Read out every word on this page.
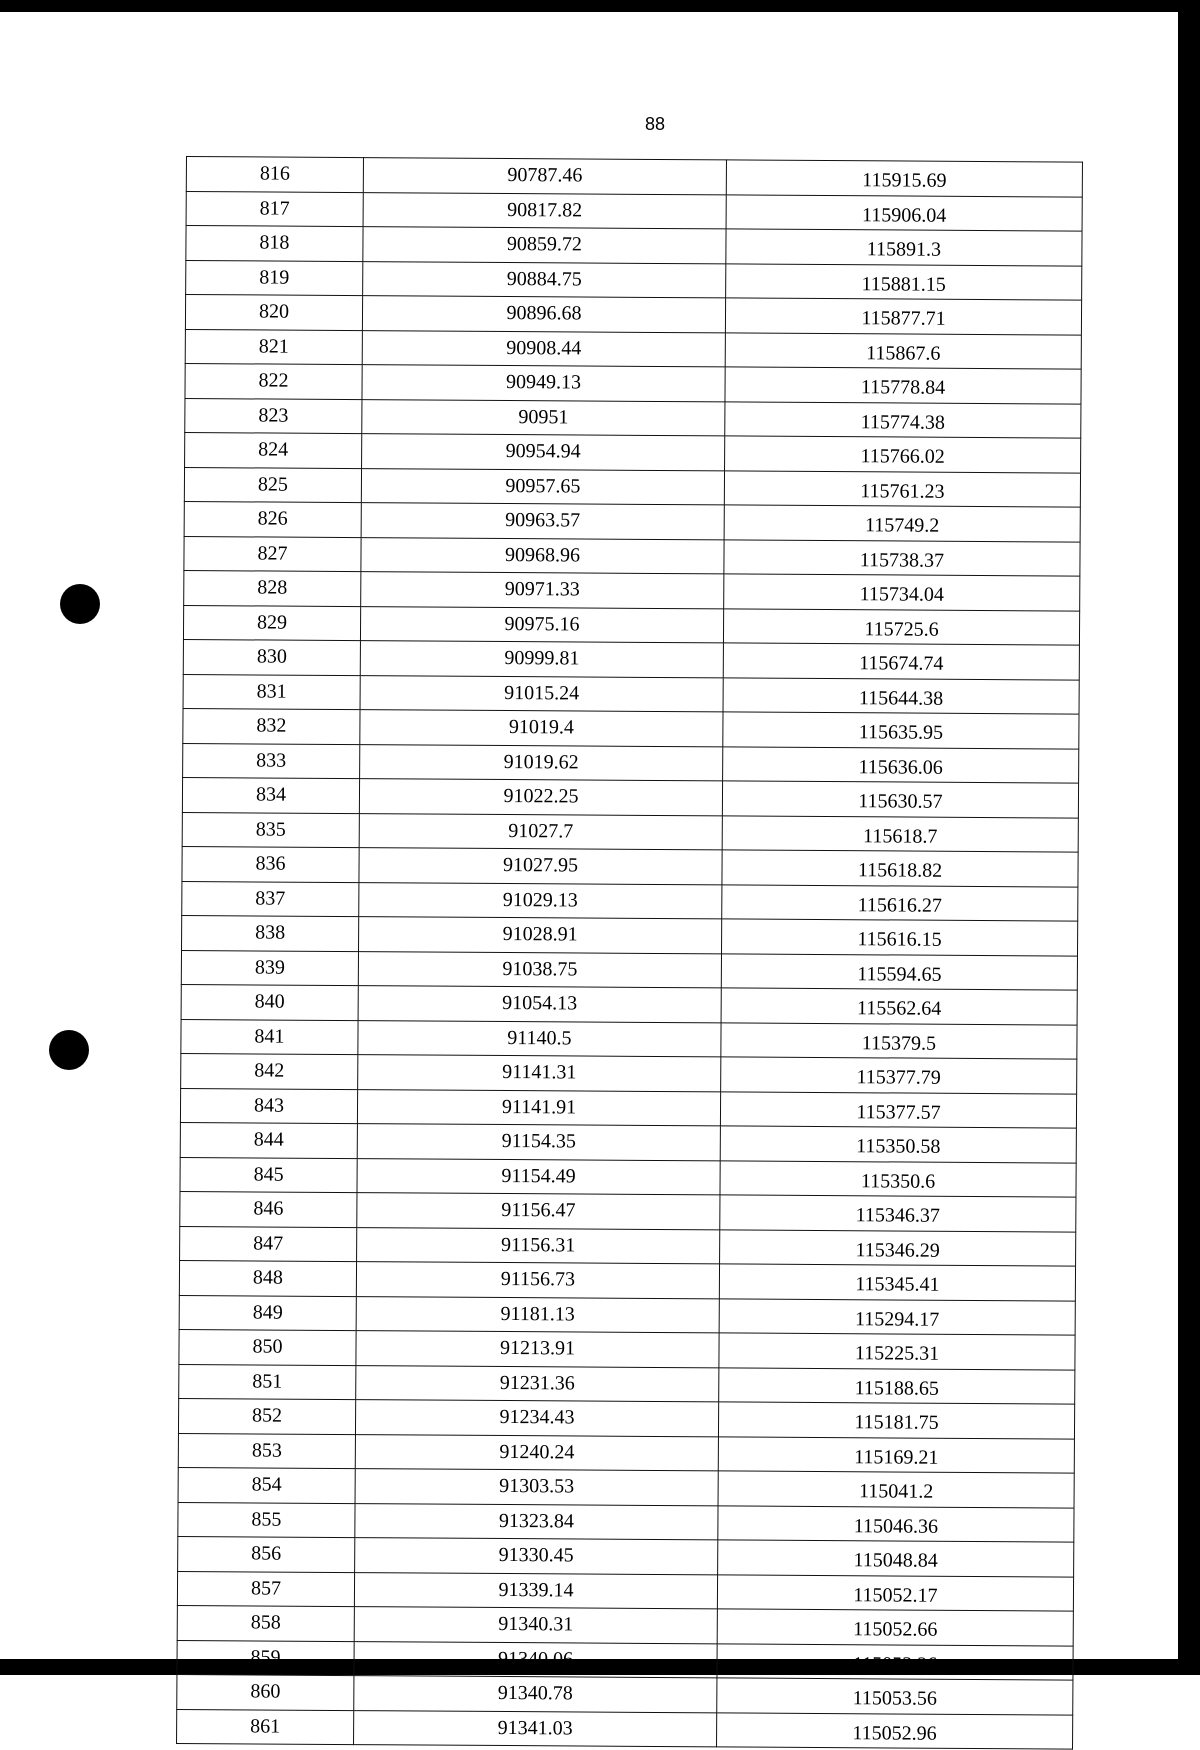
88
816	90787.46	115915.69
817	90817.82	115906.04
818	90859.72	115891.3
819	90884.75	115881.15
820	90896.68	115877.71
821	90908.44	115867.6
822	90949.13	115778.84
823	90951	115774.38
824	90954.94	115766.02
825	90957.65	115761.23
826	90963.57	115749.2
827	90968.96	115738.37
828	90971.33	115734.04
829	90975.16	115725.6
830	90999.81	115674.74
831	91015.24	115644.38
832	91019.4	115635.95
833	91019.62	115636.06
834	91022.25	115630.57
835	91027.7	115618.7
836	91027.95	115618.82
837	91029.13	115616.27
838	91028.91	115616.15
839	91038.75	115594.65
840	91054.13	115562.64
841	91140.5	115379.5
842	91141.31	115377.79
843	91141.91	115377.57
844	91154.35	115350.58
845	91154.49	115350.6
846	91156.47	115346.37
847	91156.31	115346.29
848	91156.73	115345.41
849	91181.13	115294.17
850	91213.91	115225.31
851	91231.36	115188.65
852	91234.43	115181.75
853	91240.24	115169.21
854	91303.53	115041.2
855	91323.84	115046.36
856	91330.45	115048.84
857	91339.14	115052.17
858	91340.31	115052.66
859	91340.06	115053.26
860	91340.78	115053.56
861	91341.03	115052.96
